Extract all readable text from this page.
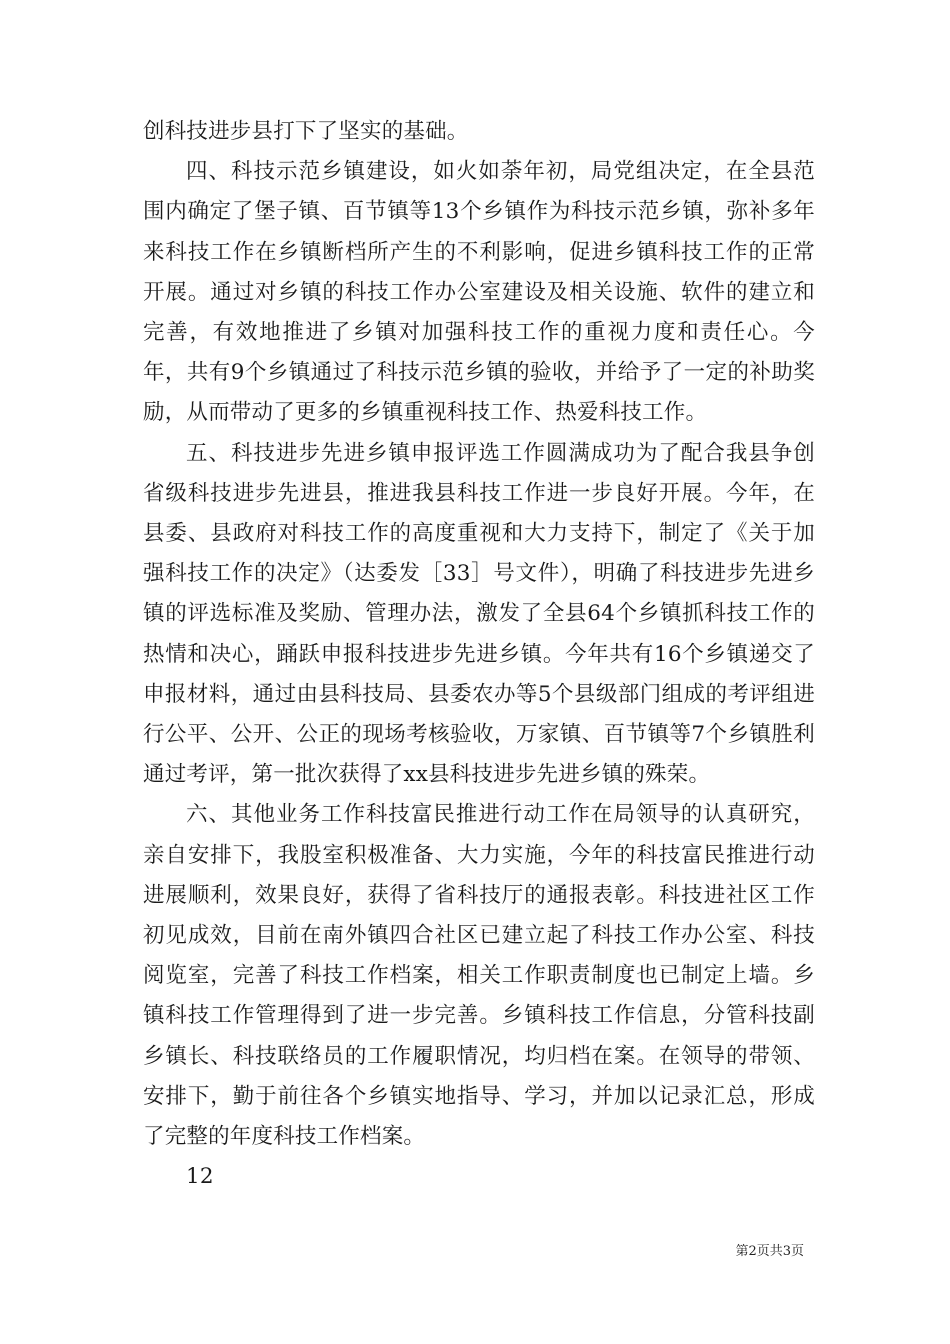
创科技进步县打下了坚实的基础。

四、科技示范乡镇建设，如火如荼年初，局党组决定，在全县范围内确定了堡子镇、百节镇等13个乡镇作为科技示范乡镇，弥补多年来科技工作在乡镇断档所产生的不利影响，促进乡镇科技工作的正常开展。通过对乡镇的科技工作办公室建设及相关设施、软件的建立和完善，有效地推进了乡镇对加强科技工作的重视力度和责任心。今年，共有9个乡镇通过了科技示范乡镇的验收，并给予了一定的补助奖励，从而带动了更多的乡镇重视科技工作、热爱科技工作。

五、科技进步先进乡镇申报评选工作圆满成功为了配合我县争创省级科技进步先进县，推进我县科技工作进一步良好开展。今年，在县委、县政府对科技工作的高度重视和大力支持下，制定了《关于加强科技工作的决定》（达委发［33］号文件），明确了科技进步先进乡镇的评选标准及奖励、管理办法，激发了全县64个乡镇抓科技工作的热情和决心，踊跃申报科技进步先进乡镇。今年共有16个乡镇递交了申报材料，通过由县科技局、县委农办等5个县级部门组成的考评组进行公平、公开、公正的现场考核验收，万家镇、百节镇等7个乡镇胜利通过考评，第一批次获得了xx县科技进步先进乡镇的殊荣。

六、其他业务工作科技富民推进行动工作在局领导的认真研究，亲自安排下，我股室积极准备、大力实施，今年的科技富民推进行动进展顺利，效果良好，获得了省科技厅的通报表彰。科技进社区工作初见成效，目前在南外镇四合社区已建立起了科技工作办公室、科技阅览室，完善了科技工作档案，相关工作职责制度也已制定上墙。乡镇科技工作管理得到了进一步完善。乡镇科技工作信息，分管科技副乡镇长、科技联络员的工作履职情况，均归档在案。在领导的带领、安排下，勤于前往各个乡镇实地指导、学习，并加以记录汇总，形成了完整的年度科技工作档案。

12

第2页共3页
